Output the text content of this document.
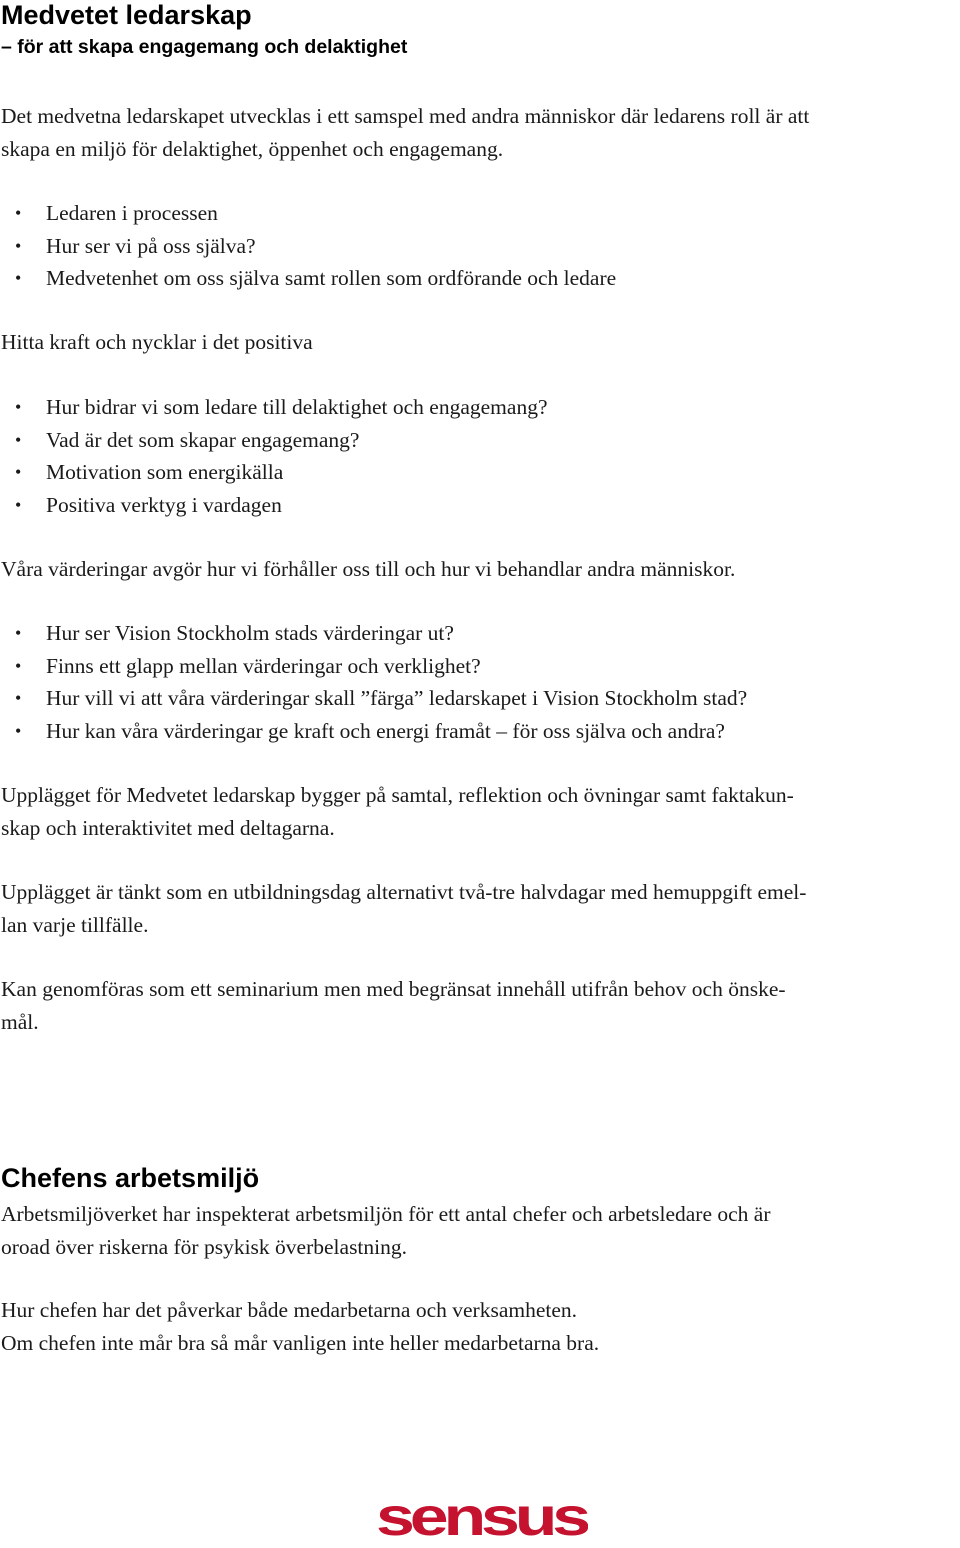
Medvetet ledarskap
– för att skapa engagemang och delaktighet
Det medvetna ledarskapet utvecklas i ett samspel med andra människor där ledarens roll är att
skapa en miljö för delaktighet, öppenhet och engagemang.
• Ledaren i processen
• Hur ser vi på oss själva?
• Medvetenhet om oss själva samt rollen som ordförande och ledare
Hitta kraft och nycklar i det positiva
• Hur bidrar vi som ledare till delaktighet och engagemang?
• Vad är det som skapar engagemang?
• Motivation som energikälla
• Positiva verktyg i vardagen
Våra värderingar avgör hur vi förhåller oss till och hur vi behandlar andra människor.
• Hur ser Vision Stockholm stads värderingar ut?
• Finns ett glapp mellan värderingar och verklighet?
• Hur vill vi att våra värderingar skall ”färga” ledarskapet i Vision Stockholm stad?
• Hur kan våra värderingar ge kraft och energi framåt – för oss själva och andra?
Upplägget för Medvetet ledarskap bygger på samtal, reflektion och övningar samt faktakun-
skap och interaktivitet med deltagarna.
Upplägget är tänkt som en utbildningsdag alternativt två-tre halvdagar med hemuppgift emel-
lan varje tillfälle.
Kan genomföras som ett seminarium men med begränsat innehåll utifrån behov och önske-
mål.
Chefens arbetsmiljö
Arbetsmiljöverket har inspekterat arbetsmiljön för ett antal chefer och arbetsledare och är
oroad över riskerna för psykisk överbelastning.
Hur chefen har det påverkar både medarbetarna och verksamheten.
Om chefen inte mår bra så mår vanligen inte heller medarbetarna bra.
sensus
